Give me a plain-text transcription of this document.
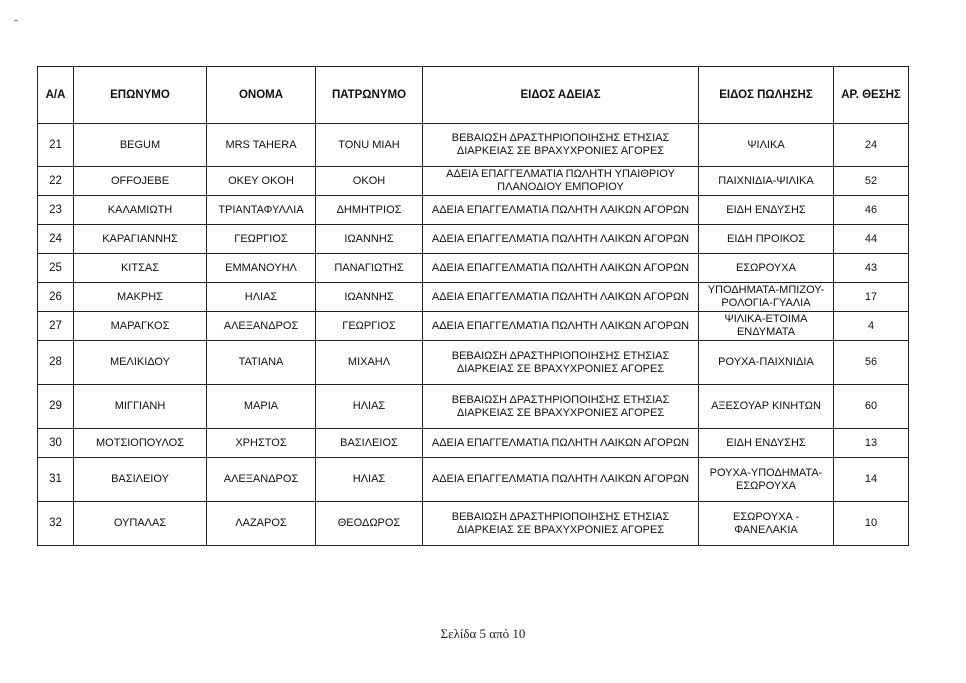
Α/Α	ΕΠΩΝΥΜΟ	ΟΝΟΜΑ	ΠΑΤΡΩΝΥΜΟ	ΕΙΔΟΣ ΑΔΕΙΑΣ	ΕΙΔΟΣ ΠΩΛΗΣΗΣ	ΑΡ. ΘΕΣΗΣ
21	BEGUM	MRS TAHERA	TONU MIAH	ΒΕΒΑΙΩΣΗ ΔΡΑΣΤΗΡΙΟΠΟΙΗΣΗΣ ΕΤΗΣΙΑΣ ΔΙΑΡΚΕΙΑΣ ΣΕ ΒΡΑΧΥΧΡΟΝΙΕΣ ΑΓΟΡΕΣ	ΨΙΛΙΚΑ	24
22	OFFOJEBE	OKEY OKOH	OKOH	ΑΔΕΙΑ ΕΠΑΓΓΕΛΜΑΤΙΑ ΠΩΛΗΤΗ ΥΠΑΙΘΡΙΟΥ ΠΛΑΝΟΔΙΟΥ ΕΜΠΟΡΙΟΥ	ΠΑΙΧΝΙΔΙΑ-ΨΙΛΙΚΑ	52
23	ΚΑΛΑΜΙΩΤΗ	ΤΡΙΑΝΤΑΦΥΛΛΙΑ	ΔΗΜΗΤΡΙΟΣ	ΑΔΕΙΑ ΕΠΑΓΓΕΛΜΑΤΙΑ ΠΩΛΗΤΗ ΛΑΙΚΩΝ ΑΓΟΡΩΝ	ΕΙΔΗ ΕΝΔΥΣΗΣ	46
24	ΚΑΡΑΓΙΑΝΝΗΣ	ΓΕΩΡΓΙΟΣ	ΙΩΑΝΝΗΣ	ΑΔΕΙΑ ΕΠΑΓΓΕΛΜΑΤΙΑ ΠΩΛΗΤΗ ΛΑΙΚΩΝ ΑΓΟΡΩΝ	ΕΙΔΗ ΠΡΟΙΚΟΣ	44
25	ΚΙΤΣΑΣ	ΕΜΜΑΝΟΥΗΛ	ΠΑΝΑΓΙΩΤΗΣ	ΑΔΕΙΑ ΕΠΑΓΓΕΛΜΑΤΙΑ ΠΩΛΗΤΗ ΛΑΙΚΩΝ ΑΓΟΡΩΝ	ΕΣΩΡΟΥΧΑ	43
26	ΜΑΚΡΗΣ	ΗΛΙΑΣ	ΙΩΑΝΝΗΣ	ΑΔΕΙΑ ΕΠΑΓΓΕΛΜΑΤΙΑ ΠΩΛΗΤΗ ΛΑΙΚΩΝ ΑΓΟΡΩΝ	ΥΠΟΔΗΜΑΤΑ-ΜΠΙΖΟΥ-ΡΟΛΟΓΙΑ-ΓΥΑΛΙΑ	17
27	ΜΑΡΑΓΚΟΣ	ΑΛΕΞΑΝΔΡΟΣ	ΓΕΩΡΓΙΟΣ	ΑΔΕΙΑ ΕΠΑΓΓΕΛΜΑΤΙΑ ΠΩΛΗΤΗ ΛΑΙΚΩΝ ΑΓΟΡΩΝ	ΨΙΛΙΚΑ-ΕΤΟΙΜΑ ΕΝΔΥΜΑΤΑ	4
28	ΜΕΛΙΚΙΔΟΥ	ΤΑΤΙΑΝΑ	ΜΙΧΑΗΛ	ΒΕΒΑΙΩΣΗ ΔΡΑΣΤΗΡΙΟΠΟΙΗΣΗΣ ΕΤΗΣΙΑΣ ΔΙΑΡΚΕΙΑΣ ΣΕ ΒΡΑΧΥΧΡΟΝΙΕΣ ΑΓΟΡΕΣ	ΡΟΥΧΑ-ΠΑΙΧΝΙΔΙΑ	56
29	ΜΙΓΓΙΑΝΗ	ΜΑΡΙΑ	ΗΛΙΑΣ	ΒΕΒΑΙΩΣΗ ΔΡΑΣΤΗΡΙΟΠΟΙΗΣΗΣ ΕΤΗΣΙΑΣ ΔΙΑΡΚΕΙΑΣ ΣΕ ΒΡΑΧΥΧΡΟΝΙΕΣ ΑΓΟΡΕΣ	ΑΞΕΣΟΥΑΡ ΚΙΝΗΤΩΝ	60
30	ΜΟΤΣΙΟΠΟΥΛΟΣ	ΧΡΗΣΤΟΣ	ΒΑΣΙΛΕΙΟΣ	ΑΔΕΙΑ ΕΠΑΓΓΕΛΜΑΤΙΑ ΠΩΛΗΤΗ ΛΑΙΚΩΝ ΑΓΟΡΩΝ	ΕΙΔΗ ΕΝΔΥΣΗΣ	13
31	ΒΑΣΙΛΕΙΟΥ	ΑΛΕΞΑΝΔΡΟΣ	ΗΛΙΑΣ	ΑΔΕΙΑ ΕΠΑΓΓΕΛΜΑΤΙΑ ΠΩΛΗΤΗ ΛΑΙΚΩΝ ΑΓΟΡΩΝ	ΡΟΥΧΑ-ΥΠΟΔΗΜΑΤΑ-ΕΣΩΡΟΥΧΑ	14
32	ΟΥΠΑΛΑΣ	ΛΑΖΑΡΟΣ	ΘΕΟΔΩΡΟΣ	ΒΕΒΑΙΩΣΗ ΔΡΑΣΤΗΡΙΟΠΟΙΗΣΗΣ ΕΤΗΣΙΑΣ ΔΙΑΡΚΕΙΑΣ ΣΕ ΒΡΑΧΥΧΡΟΝΙΕΣ ΑΓΟΡΕΣ	ΕΣΩΡΟΥΧΑ - ΦΑΝΕΛΑΚΙΑ	10
Σελίδα 5 από 10
